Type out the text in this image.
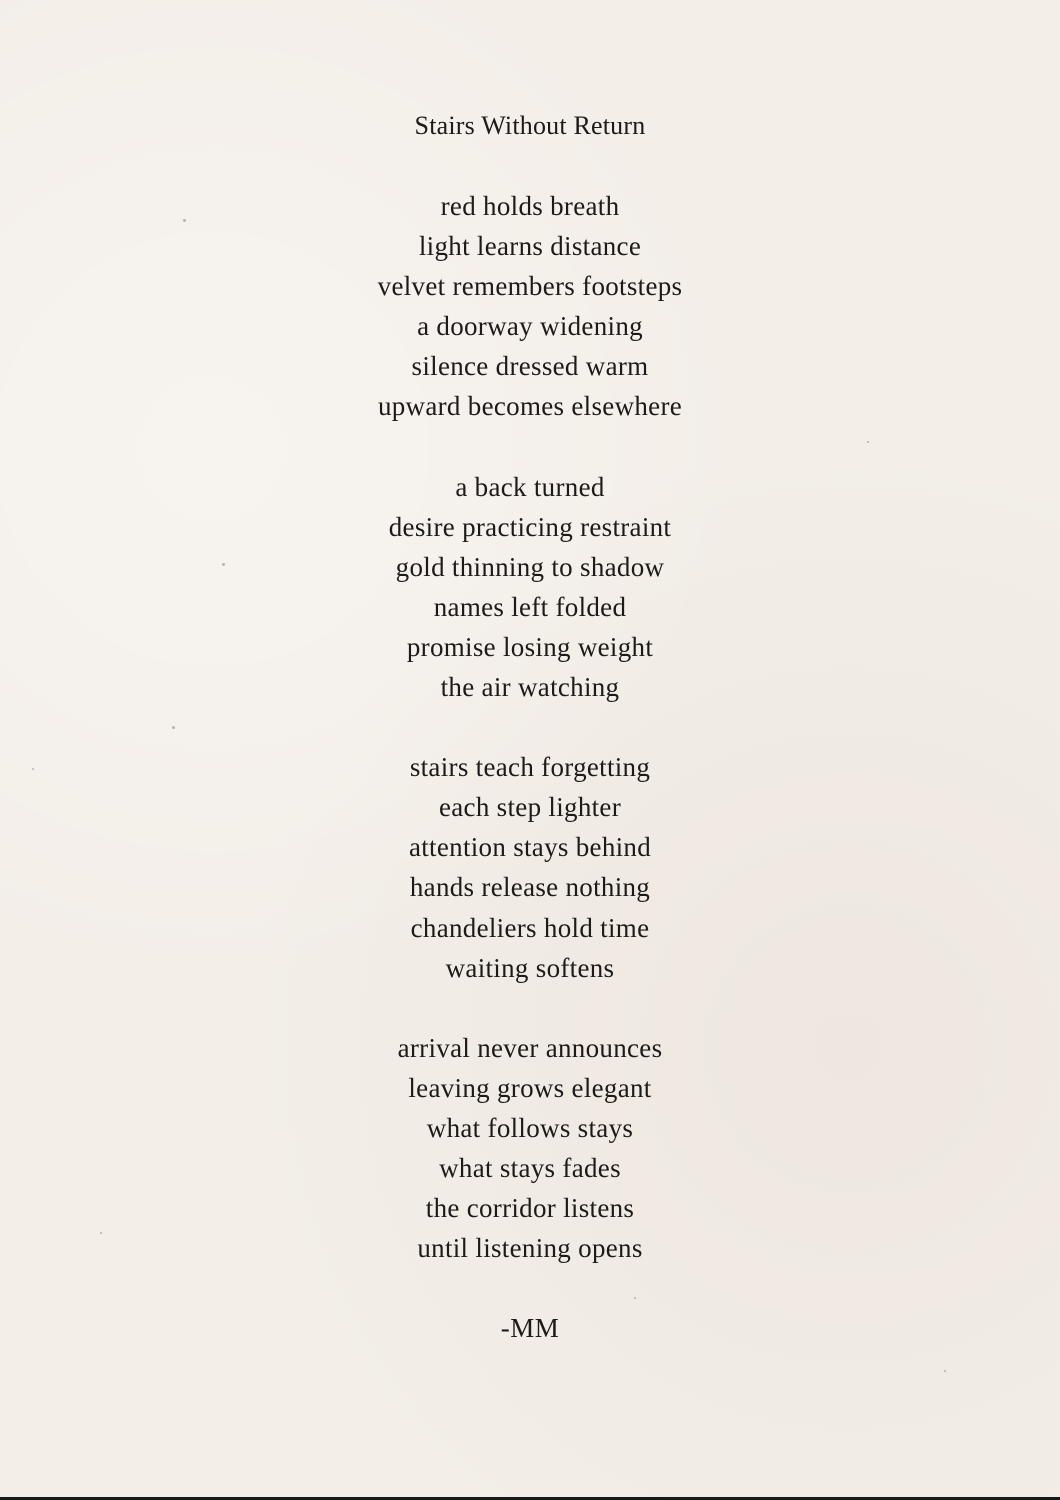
Stairs Without Return
red holds breath
light learns distance
velvet remembers footsteps
a doorway widening
silence dressed warm
upward becomes elsewhere
a back turned
desire practicing restraint
gold thinning to shadow
names left folded
promise losing weight
the air watching
stairs teach forgetting
each step lighter
attention stays behind
hands release nothing
chandeliers hold time
waiting softens
arrival never announces
leaving grows elegant
what follows stays
what stays fades
the corridor listens
until listening opens
-MM
